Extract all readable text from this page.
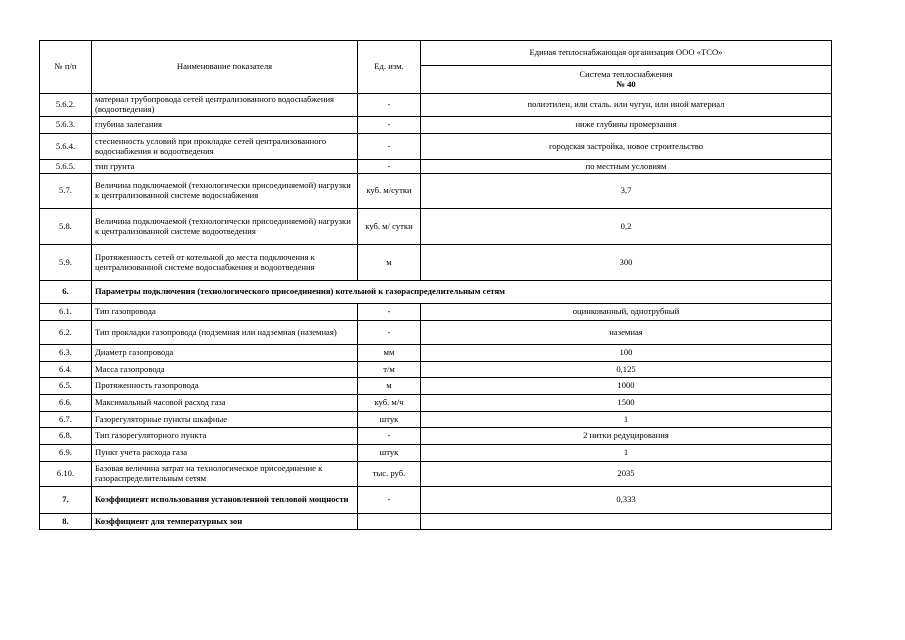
№ п/п	Наименование показателя	Ед. изм.	Единая теплоснабжающая организация ООО «ТСО»

			Система теплоснабжения
№ 40

5.6.2.	материал трубопровода сетей централизованного водоснабжения (водоотведения)	-	полиэтилен, или сталь. или чугун, или иной материал
5.6.3.	глубина залегания	-	ниже глубины промерзания
5.6.4.	стесненность условий при прокладке сетей централизованного водоснабжения и водоотведения	-	городская застройка, новое строительство
5.6.5.	тип грунта	-	по местным условиям
5.7.	Величина подключаемой (технологически присоединяемой) нагрузки к централизованной системе водоснабжения	куб. м/сутки	3,7
5.8.	Величина подключаемой (технологически присоединяемой) нагрузки к централизованной системе водоотведения	куб. м/ сутки	0,2
5.9.	Протяженность сетей от котельной до места подключения к централизованной системе водоснабжения и водоотведения	м	300
6.	Параметры подключения (технологического присоединения) котельной к газораспределительным сетям		
6.1.	Тип газопровода	-	оцинкованный, однотрубный
6.2.	Тип прокладки газопровода (подземная или надземная (наземная)	-	наземная
6.3.	Диаметр газопровода	мм	100
6.4.	Масса газопровода	т/м	0,125
6.5.	Протяженность газопровода	м	1000
6.6.	Максимальный часовой расход газа	куб. м/ч	1500
6.7.	Газорегуляторные пункты шкафные	штук	1
6.8.	Тип газорегуляторного пункта	-	2 нитки редуцирования
6.9.	Пункт учета расхода газа	штук	1
6.10.	Базовая величина затрат на технологическое присоединение к газораспределительным сетям	тыс. руб.	2035
7.	Коэффициент использования установленной тепловой мощности	-	0,333
8.	Коэффициент для температурных зон		
